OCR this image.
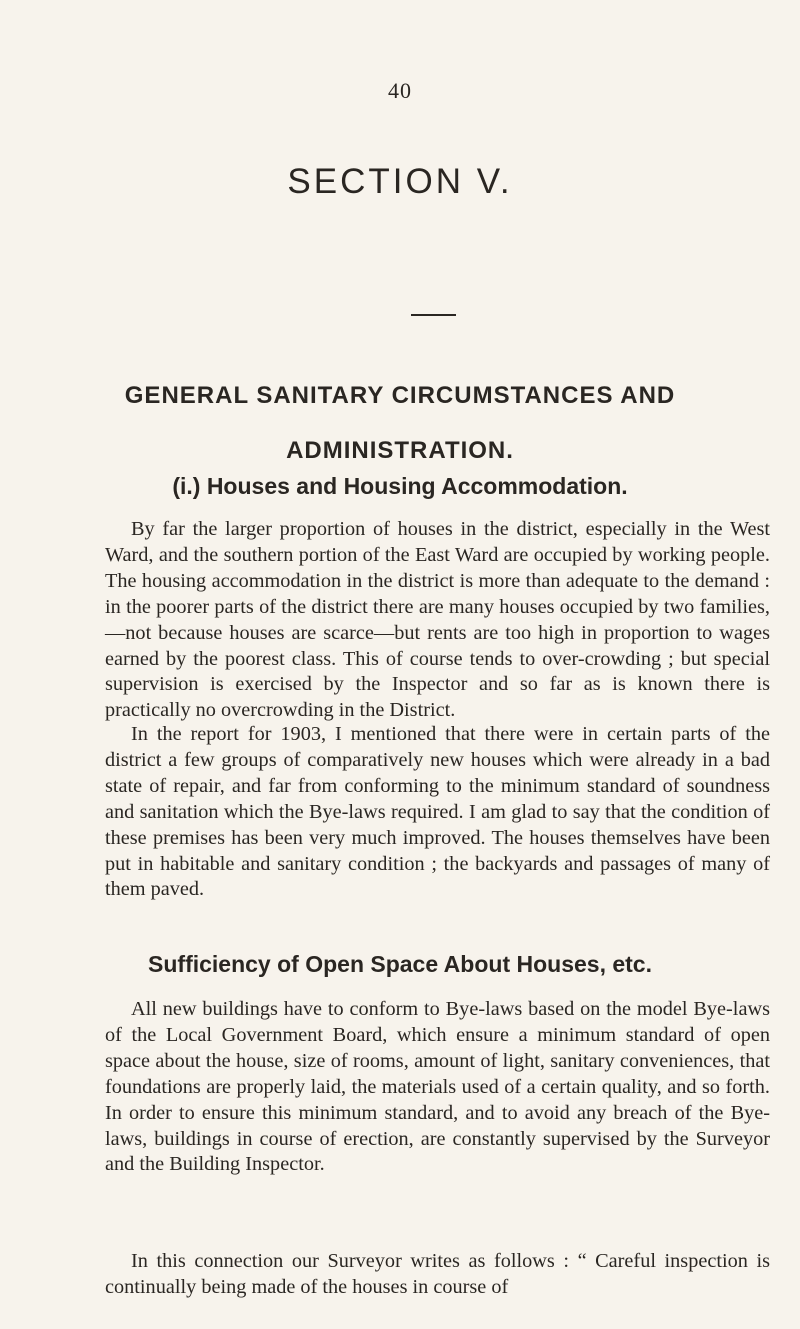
40
SECTION V.
GENERAL SANITARY CIRCUMSTANCES AND
ADMINISTRATION.
(i.) Houses and Housing Accommodation.

By far the larger proportion of houses in the district, especially in the West Ward, and the southern portion of the East Ward are occupied by working people. The housing accommodation in the district is more than adequate to the demand : in the poorer parts of the district there are many houses occupied by two families,—not because houses are scarce—but rents are too high in proportion to wages earned by the poorest class. This of course tends to over-crowding ; but special supervision is exercised by the Inspector and so far as is known there is practically no overcrowding in the District.

In the report for 1903, I mentioned that there were in certain parts of the district a few groups of comparatively new houses which were already in a bad state of repair, and far from conforming to the minimum standard of soundness and sanitation which the Bye-laws required. I am glad to say that the condition of these premises has been very much improved. The houses themselves have been put in habitable and sanitary condition ; the backyards and passages of many of them paved.

Sufficiency of Open Space About Houses, etc.

All new buildings have to conform to Bye-laws based on the model Bye-laws of the Local Government Board, which ensure a minimum standard of open space about the house, size of rooms, amount of light, sanitary conveniences, that foundations are properly laid, the materials used of a certain quality, and so forth. In order to ensure this minimum standard, and to avoid any breach of the Bye-laws, buildings in course of erection, are constantly supervised by the Surveyor and the Building Inspector.

In this connection our Surveyor writes as follows : “ Careful inspection is continually being made of the houses in course of
